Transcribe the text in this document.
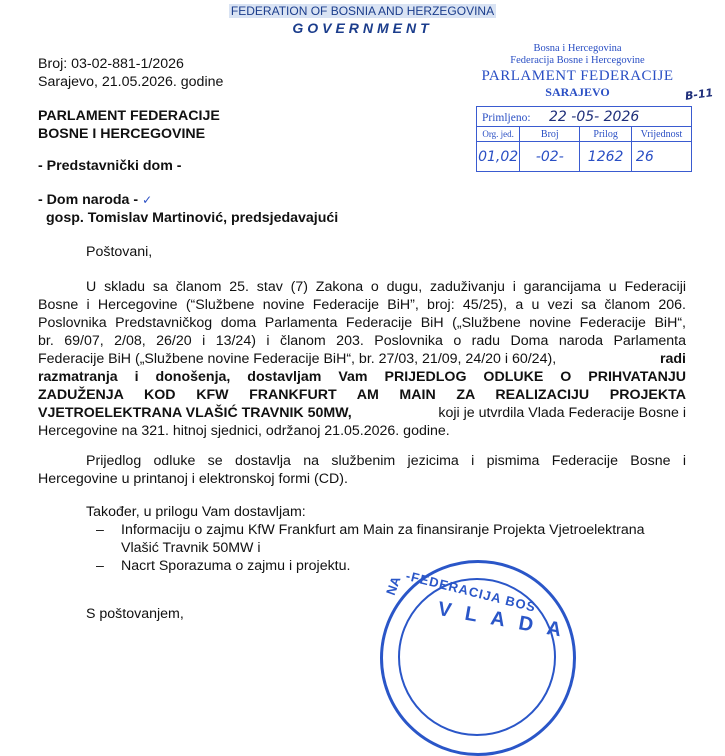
FEDERATION OF BOSNIA AND HERZEGOVINA
GOVERNMENT
Broj: 03-02-881-1/2026
Sarajevo, 21.05.2026. godine
PARLAMENT FEDERACIJE
BOSNE I HERCEGOVINE
- Predstavnički dom -
- Dom naroda - ✓
gosp. Tomislav Martinović, predsjedavajući
Poštovani,
U skladu sa članom 25. stav (7) Zakona o dugu, zaduživanju i garancijama u Federaciji
Bosne i Hercegovine (“Službene novine Federacije BiH”, broj: 45/25), a u vezi sa članom 206.
Poslovnika Predstavničkog doma Parlamenta Federacije BiH („Službene novine Federacije BiH“,
br. 69/07, 2/08, 26/20 i 13/24) i članom 203. Poslovnika o radu Doma naroda Parlamenta
Federacije BiH („Službene novine Federacije BiH“, br. 27/03, 21/09, 24/20 i 60/24),	radi
razmatranja i donošenja, dostavljam Vam PRIJEDLOG ODLUKE O PRIHVATANJU
ZADUŽENJA KOD KFW FRANKFURT AM MAIN ZA REALIZACIJU PROJEKTA
VJETROELEKTRANA VLAŠIĆ TRAVNIK 50MW,	koji je utvrdila Vlada Federacije Bosne i
Hercegovine na 321. hitnoj sjednici, održanoj 21.05.2026. godine.
Prijedlog odluke se dostavlja na službenim jezicima i pismima Federacije Bosne i
Hercegovine u printanoj i elektronskoj formi (CD).
Također, u prilogu Vam dostavljam:
– Informaciju o zajmu KfW Frankfurt am Main za finansiranje Projekta Vjetroelektrana
Vlašić Travnik 50MW i
– Nacrt Sporazuma o zajmu i projektu.
S poštovanjem,
Bosna i Hercegovina
Federacija Bosne i Hercegovine
PARLAMENT FEDERACIJE
SARAJEVO	B-11
Primljeno: 22 -05- 2026			
Org. jed.	Broj	Prilog	Vrijednost
01,02	-02-	1262	26
NA -FEDERACIJA BOS
VLADA
